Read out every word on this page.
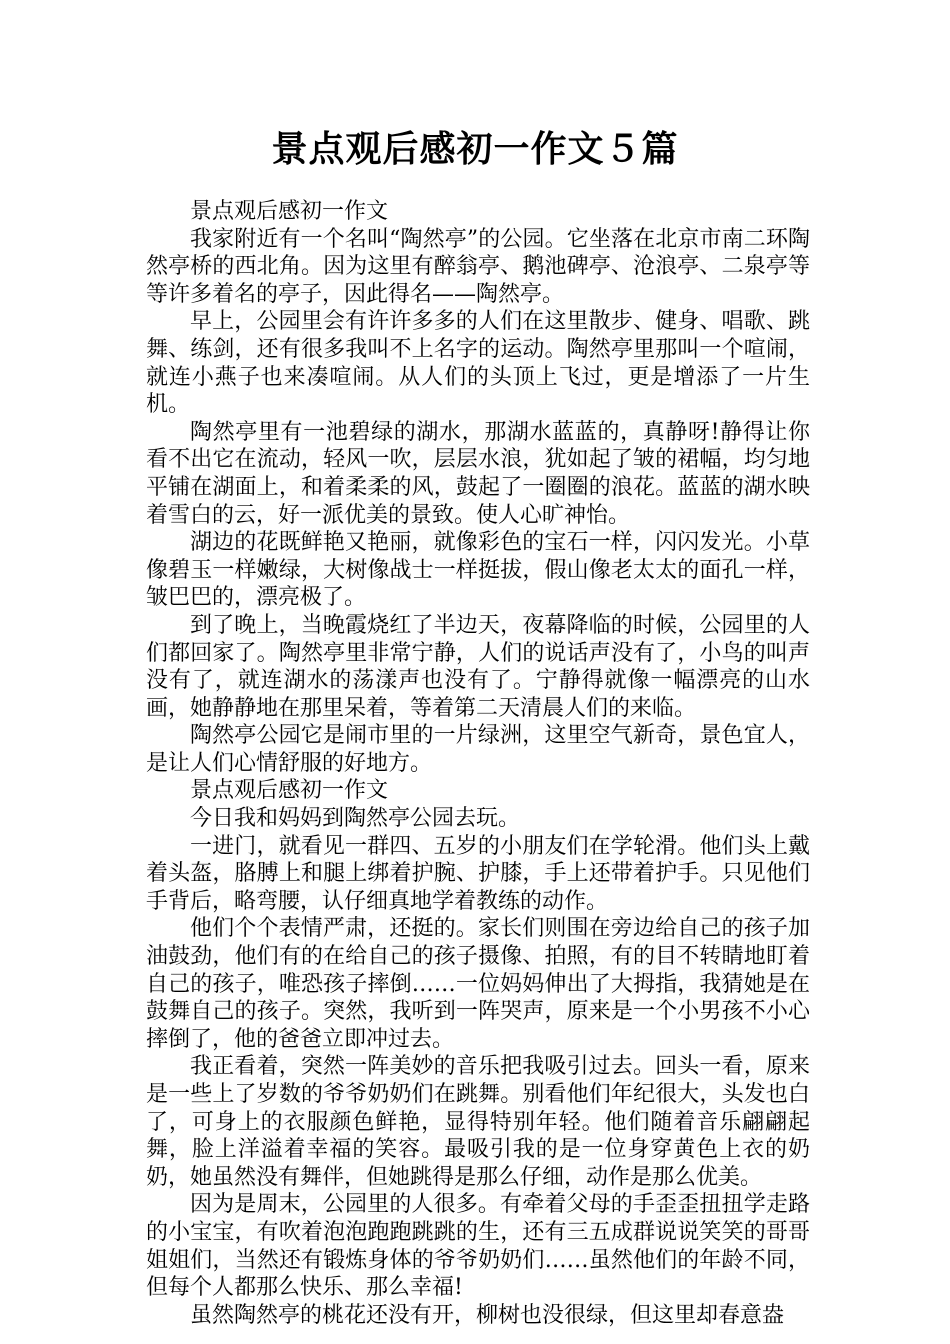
景点观后感初一作文５篇

景点观后感初一作文

我家附近有一个名叫“陶然亭”的公园。它坐落在北京市南二环陶然亭桥的西北角。因为这里有醉翁亭、鹅池碑亭、沧浪亭、二泉亭等等许多着名的亭子，因此得名——陶然亭。

早上，公园里会有许许多多的人们在这里散步、健身、唱歌、跳舞、练剑，还有很多我叫不上名字的运动。陶然亭里那叫一个喧闹，就连小燕子也来凑喧闹。从人们的头顶上飞过，更是增添了一片生机。

陶然亭里有一池碧绿的湖水，那湖水蓝蓝的，真静呀!静得让你看不出它在流动，轻风一吹，层层水浪，犹如起了皱的裙幅，均匀地平铺在湖面上，和着柔柔的风，鼓起了一圈圈的浪花。蓝蓝的湖水映着雪白的云，好一派优美的景致。使人心旷神怡。

湖边的花既鲜艳又艳丽，就像彩色的宝石一样，闪闪发光。小草像碧玉一样嫩绿，大树像战士一样挺拔，假山像老太太的面孔一样，皱巴巴的，漂亮极了。

到了晚上，当晚霞烧红了半边天，夜幕降临的时候，公园里的人们都回家了。陶然亭里非常宁静，人们的说话声没有了，小鸟的叫声没有了，就连湖水的荡漾声也没有了。宁静得就像一幅漂亮的山水画，她静静地在那里呆着，等着第二天清晨人们的来临。

陶然亭公园它是闹市里的一片绿洲，这里空气新奇，景色宜人，是让人们心情舒服的好地方。

景点观后感初一作文

今日我和妈妈到陶然亭公园去玩。

一进门，就看见一群四、五岁的小朋友们在学轮滑。他们头上戴着头盔，胳膊上和腿上绑着护腕、护膝，手上还带着护手。只见他们手背后，略弯腰，认仔细真地学着教练的动作。

他们个个表情严肃，还挺的。家长们则围在旁边给自己的孩子加油鼓劲，他们有的在给自己的孩子摄像、拍照，有的目不转睛地盯着自己的孩子，唯恐孩子摔倒……一位妈妈伸出了大拇指，我猜她是在鼓舞自己的孩子。突然，我听到一阵哭声，原来是一个小男孩不小心摔倒了，他的爸爸立即冲过去。

我正看着，突然一阵美妙的音乐把我吸引过去。回头一看，原来是一些上了岁数的爷爷奶奶们在跳舞。别看他们年纪很大，头发也白了，可身上的衣服颜色鲜艳，显得特别年轻。他们随着音乐翩翩起舞，脸上洋溢着幸福的笑容。最吸引我的是一位身穿黄色上衣的奶奶，她虽然没有舞伴，但她跳得是那么仔细，动作是那么优美。

因为是周末，公园里的人很多。有牵着父母的手歪歪扭扭学走路的小宝宝，有吹着泡泡跑跑跳跳的生，还有三五成群说说笑笑的哥哥姐姐们，当然还有锻炼身体的爷爷奶奶们……虽然他们的年龄不同，但每个人都那么快乐、那么幸福!

虽然陶然亭的桃花还没有开，柳树也没很绿，但这里却春意盎
